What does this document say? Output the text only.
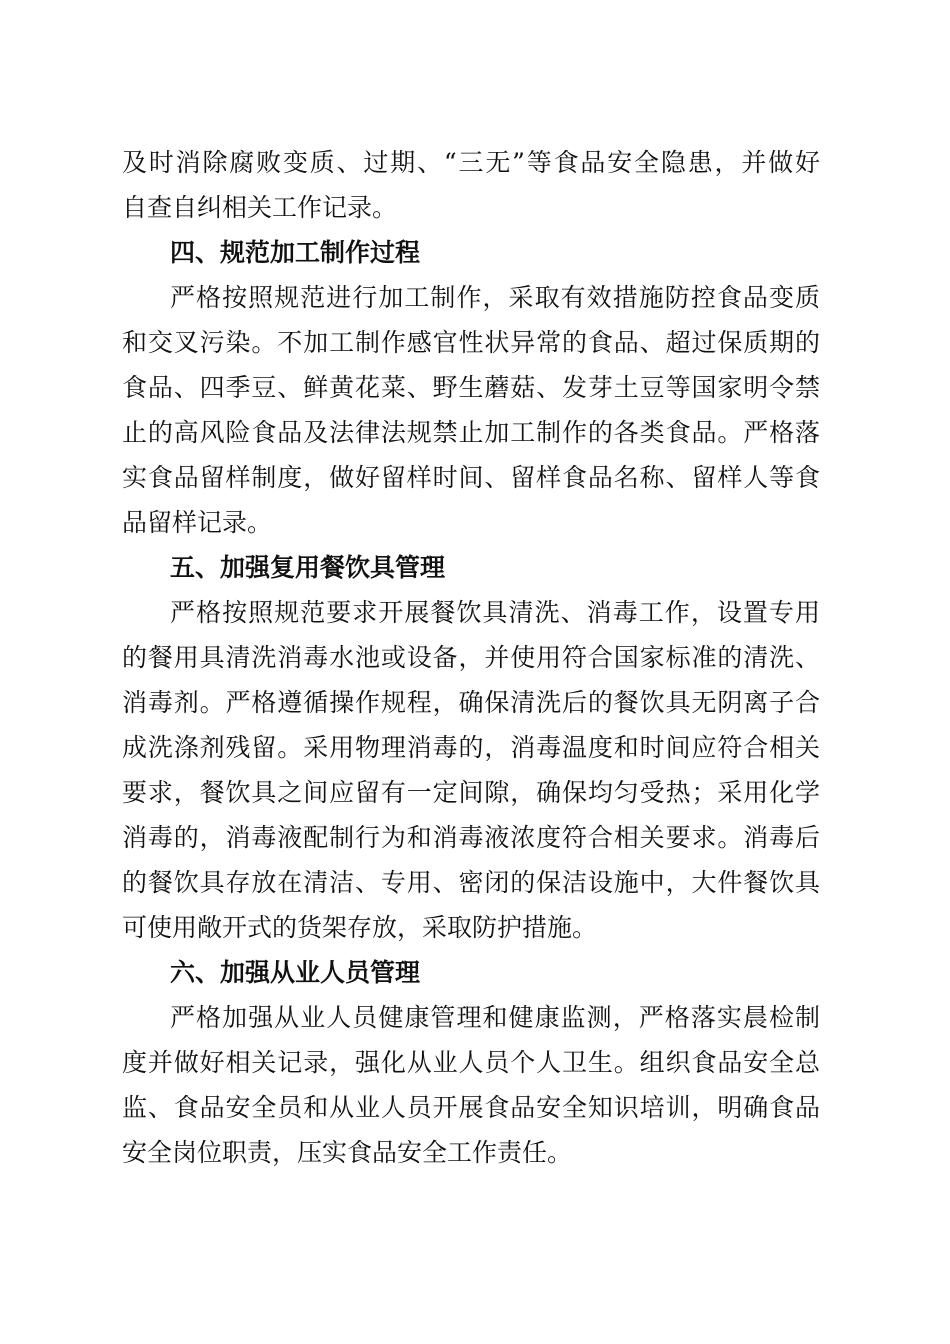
及时消除腐败变质、过期、“三无”等食品安全隐患，并做好
自查自纠相关工作记录。
四、规范加工制作过程
严格按照规范进行加工制作，采取有效措施防控食品变质
和交叉污染。不加工制作感官性状异常的食品、超过保质期的
食品、四季豆、鲜黄花菜、野生蘑菇、发芽土豆等国家明令禁
止的高风险食品及法律法规禁止加工制作的各类食品。严格落
实食品留样制度，做好留样时间、留样食品名称、留样人等食
品留样记录。
五、加强复用餐饮具管理
严格按照规范要求开展餐饮具清洗、消毒工作，设置专用
的餐用具清洗消毒水池或设备，并使用符合国家标准的清洗、
消毒剂。严格遵循操作规程，确保清洗后的餐饮具无阴离子合
成洗涤剂残留。采用物理消毒的，消毒温度和时间应符合相关
要求，餐饮具之间应留有一定间隙，确保均匀受热；采用化学
消毒的，消毒液配制行为和消毒液浓度符合相关要求。消毒后
的餐饮具存放在清洁、专用、密闭的保洁设施中，大件餐饮具
可使用敞开式的货架存放，采取防护措施。
六、加强从业人员管理
严格加强从业人员健康管理和健康监测，严格落实晨检制
度并做好相关记录，强化从业人员个人卫生。组织食品安全总
监、食品安全员和从业人员开展食品安全知识培训，明确食品
安全岗位职责，压实食品安全工作责任。
